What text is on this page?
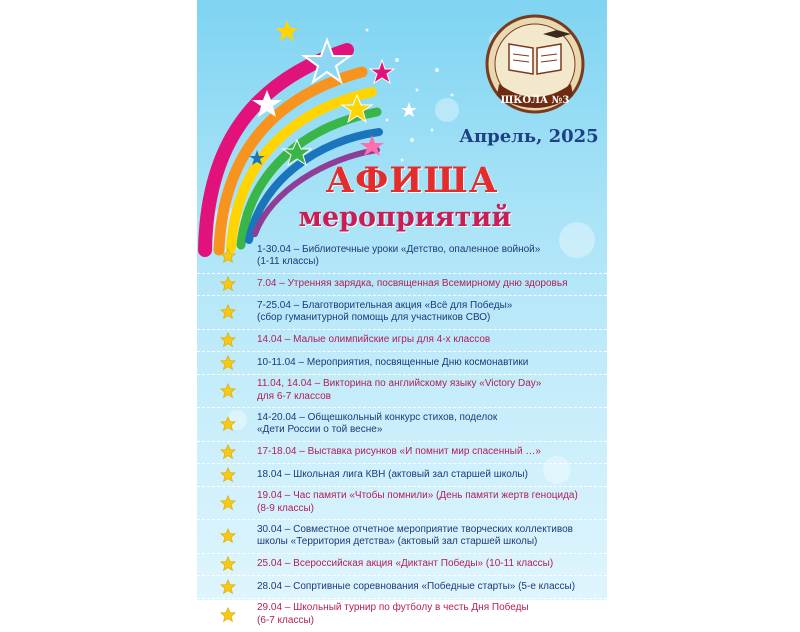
ШКОЛА №3
Апрель, 2025
АФИША
мероприятий
1-30.04 – Библиотечные уроки «Детство, опаленное войной»
(1-11 классы)
7.04 – Утренняя зарядка, посвященная Всемирному дню здоровья
7-25.04 – Благотворительная акция «Всё для Победы»
(сбор гуманитурной помощь для участников СВО)
14.04 – Малые олимпийские игры для 4-х классов
10-11.04 – Мероприятия, посвященные Дню космонавтики
11.04, 14.04 – Викторина по английскому языку «Victory Day»
для 6-7 классов
14-20.04 – Общешкольный конкурс стихов, поделок
«Дети России о той весне»
17-18.04 – Выставка рисунков «И помнит мир спасенный …»
18.04 – Школьная лига КВН (актовый зал старшей школы)
19.04 – Час памяти «Чтобы помнили» (День памяти жертв геноцида)
(8-9 классы)
30.04 – Совместное отчетное мероприятие творческих коллективов
школы «Территория детства» (актовый зал старшей школы)
25.04 – Всероссийская акция «Диктант Победы» (10-11 классы)
28.04 – Сопртивные соревнования «Победные старты» (5-е классы)
29.04 – Школьный турнир по футболу в честь Дня Победы
(6-7 классы)
